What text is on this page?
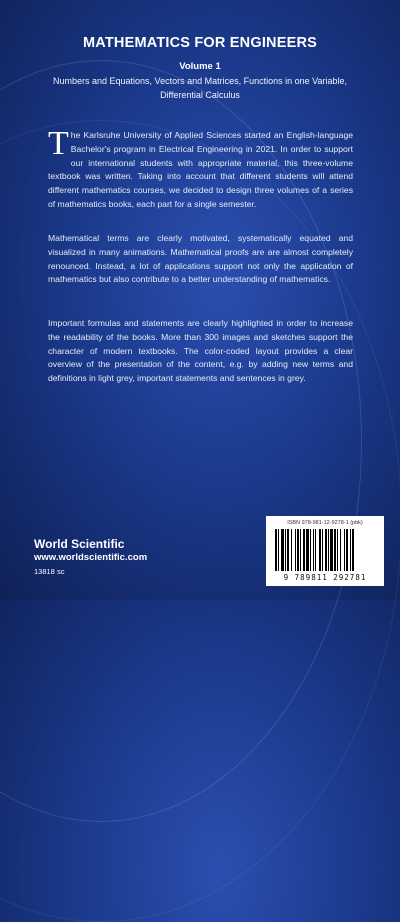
MATHEMATICS FOR ENGINEERS
Volume 1
Numbers and Equations, Vectors and Matrices, Functions in one Variable, Differential Calculus
The Karlsruhe University of Applied Sciences started an English-language Bachelor's program in Electrical Engineering in 2021. In order to support our international students with appropriate material, this three-volume textbook was written. Taking into account that different students will attend different mathematics courses, we decided to design three volumes of a series of mathematics books, each part for a single semester.
Mathematical terms are clearly motivated, systematically equated and visualized in many animations. Mathematical proofs are are almost completely renounced. Instead, a lot of applications support not only the application of mathematics but also contribute to a better understanding of mathematics.
Important formulas and statements are clearly highlighted in order to increase the readability of the books. More than 300 images and sketches support the character of modern textbooks. The color-coded layout provides a clear overview of the presentation of the content, e.g. by adding new terms and definitions in light grey, important statements and sentences in grey.
World Scientific
www.worldscientific.com
13818 sc
ISBN 978-981-12-9278-1 (pbk)
9 789811 292781
